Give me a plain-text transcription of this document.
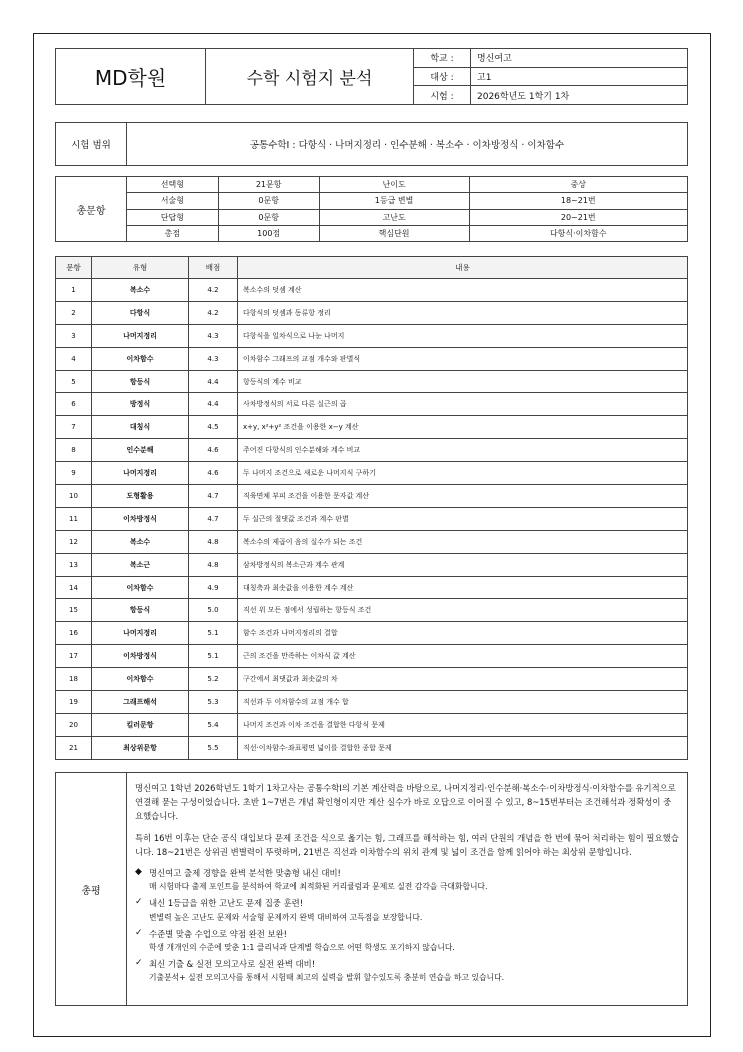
MD학원	수학 시험지 분석	학교 :	명신여고
		대상 :	고1
		시험 :	2026학년도 1학기 1차
시험 범위	공통수학Ⅰ : 다항식 · 나머지정리 · 인수분해 · 복소수 · 이차방정식 · 이차함수
총문항	선택형	21문항	난이도	중상
	서술형	0문항	1등급 변별	18~21번
	단답형	0문항	고난도	20~21번
	총점	100점	핵심단원	다항식·이차함수
문항	유형	배점	내용
1	복소수	4.2	복소수의 덧셈 계산
2	다항식	4.2	다항식의 덧셈과 동류항 정리
3	나머지정리	4.3	다항식을 일차식으로 나눈 나머지
4	이차함수	4.3	이차함수 그래프의 교점 개수와 판별식
5	항등식	4.4	항등식의 계수 비교
6	방정식	4.4	사차방정식의 서로 다른 실근의 곱
7	대칭식	4.5	x+y, x²+y² 조건을 이용한 x−y 계산
8	인수분해	4.6	주어진 다항식의 인수분해와 계수 비교
9	나머지정리	4.6	두 나머지 조건으로 새로운 나머지식 구하기
10	도형활용	4.7	직육면체 부피 조건을 이용한 문자값 계산
11	이차방정식	4.7	두 실근의 절댓값 조건과 계수 판별
12	복소수	4.8	복소수의 제곱이 음의 실수가 되는 조건
13	복소근	4.8	삼차방정식의 복소근과 계수 관계
14	이차함수	4.9	대칭축과 최솟값을 이용한 계수 계산
15	항등식	5.0	직선 위 모든 점에서 성립하는 항등식 조건
16	나머지정리	5.1	함수 조건과 나머지정리의 결합
17	이차방정식	5.1	근의 조건을 만족하는 이차식 값 계산
18	이차함수	5.2	구간에서 최댓값과 최솟값의 차
19	그래프해석	5.3	직선과 두 이차함수의 교점 개수 합
20	킬러문항	5.4	나머지 조건과 이차 조건을 결합한 다항식 문제
21	최상위문항	5.5	직선·이차함수·좌표평면 넓이를 결합한 종합 문제
총평	

명신여고 1학년 2026학년도 1학기 1차고사는 공통수학Ⅰ의 기본 계산력을 바탕으로, 나머지정리·인수분해·복소수·이차방정식·이차함수를 유기적으로 연결해 묻는 구성이었습니다. 초반 1~7번은 개념 확인형이지만 계산 실수가 바로 오답으로 이어질 수 있고, 8~15번부터는 조건해석과 정확성이 중요했습니다.

특히 16번 이후는 단순 공식 대입보다 문제 조건을 식으로 옮기는 힘, 그래프를 해석하는 힘, 여러 단원의 개념을 한 번에 묶어 처리하는 힘이 필요했습니다. 18~21번은 상위권 변별력이 뚜렷하며, 21번은 직선과 이차함수의 위치 관계 및 넓이 조건을 함께 읽어야 하는 최상위 문항입니다.

◆ 명신여고 출제 경향을 완벽 분석한 맞춤형 내신 대비!
매 시험마다 출제 포인트를 분석하여 학교에 최적화된 커리큘럼과 문제로 실전 감각을 극대화합니다.
✓ 내신 1등급을 위한 고난도 문제 집중 훈련!
변별력 높은 고난도 문제와 서술형 문제까지 완벽 대비하여 고득점을 보장합니다.
✓ 수준별 맞춤 수업으로 약점 완전 보완!
학생 개개인의 수준에 맞춘 1:1 클리닉과 단계별 학습으로 어떤 학생도 포기하지 않습니다.
✓ 최신 기출 & 실전 모의고사로 실전 완벽 대비!
기출분석+ 실전 모의고사를 통해서 시험때 최고의 실력을 발휘 할수있도록 충분히 연습을 하고 있습니다.
